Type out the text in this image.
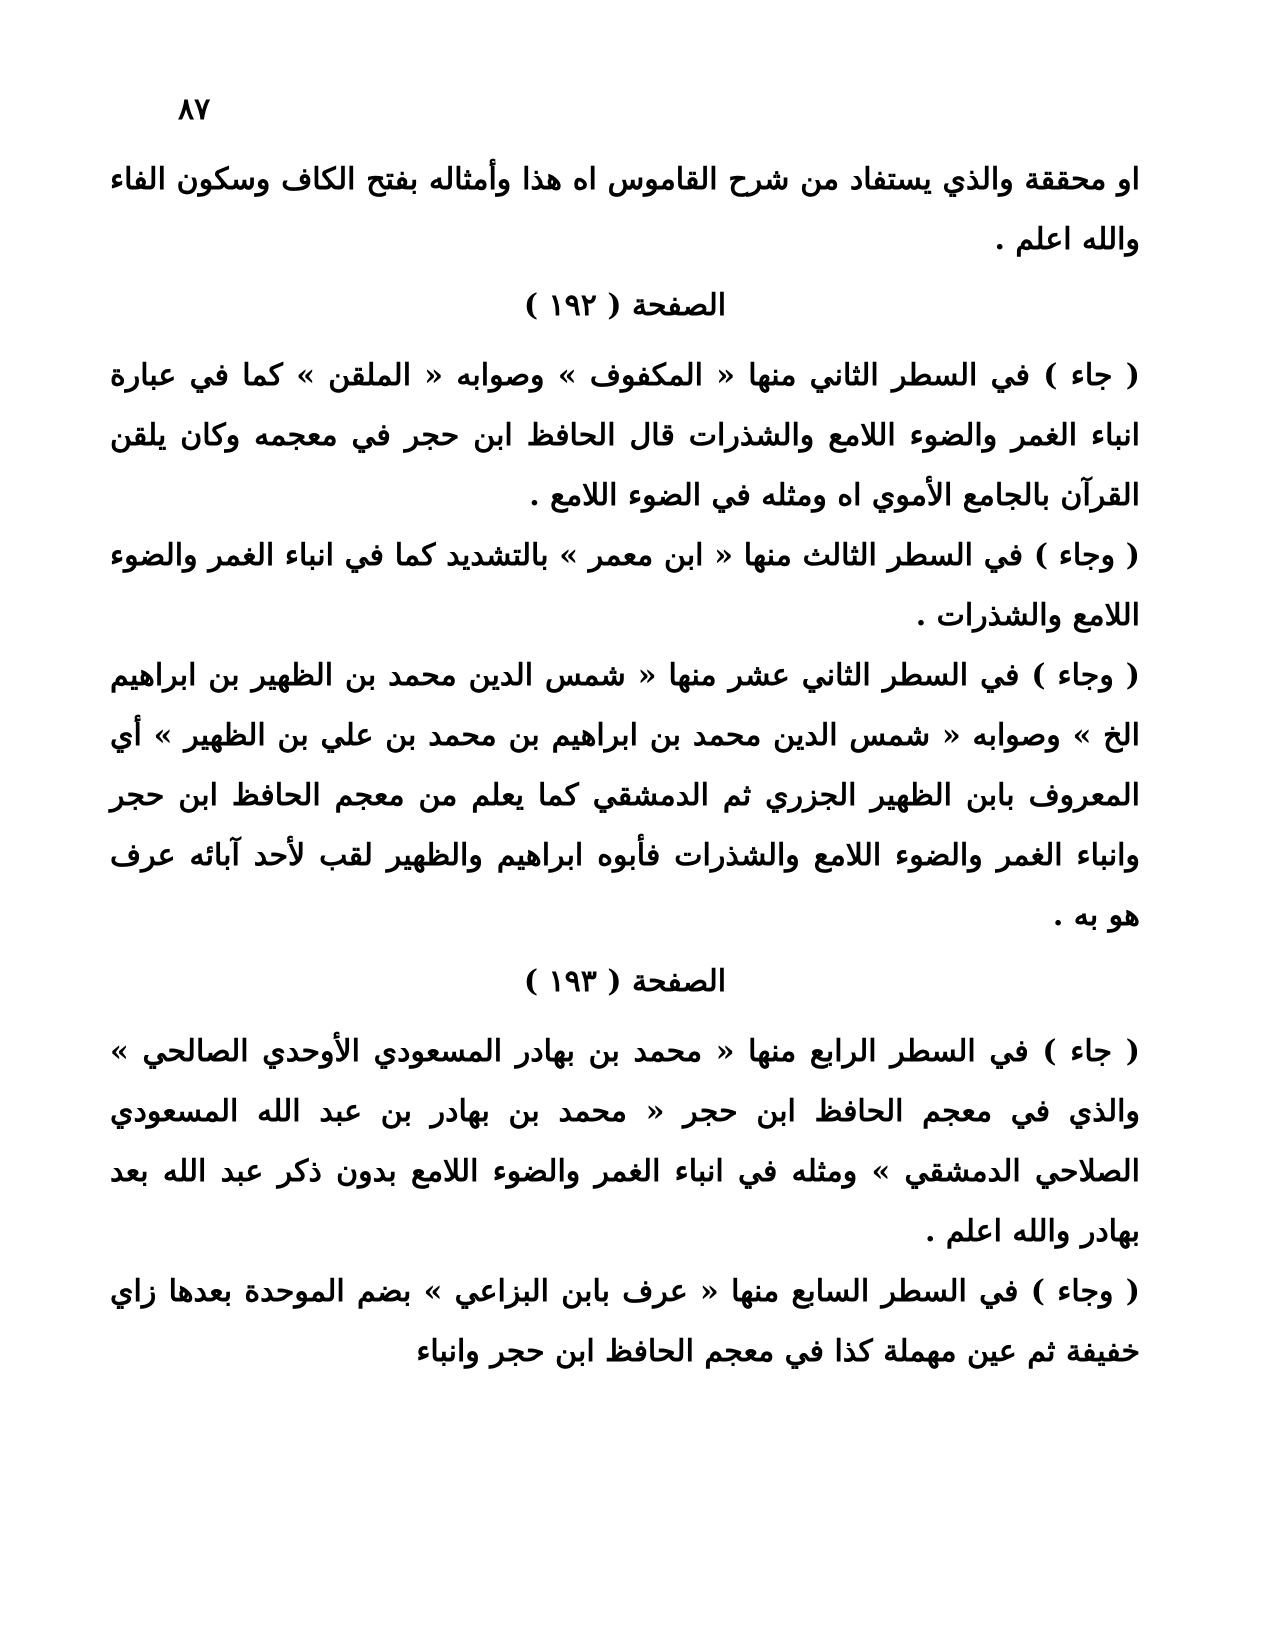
٨٧

او محققة والذي يستفاد من شرح القاموس اه هذا وأمثاله بفتح الكاف وسكون الفاء والله اعلم .

الصفحة ( ١٩٢ )

( جاء ) في السطر الثاني منها « المكفوف » وصوابه « الملقن » كما في عبارة انباء الغمر والضوء اللامع والشذرات قال الحافظ ابن حجر في معجمه وكان يلقن القرآن بالجامع الأموي اه ومثله في الضوء اللامع .

( وجاء ) في السطر الثالث منها « ابن معمر » بالتشديد كما في انباء الغمر والضوء اللامع والشذرات .

( وجاء ) في السطر الثاني عشر منها « شمس الدين محمد بن الظهير بن ابراهيم الخ » وصوابه « شمس الدين محمد بن ابراهيم بن محمد بن علي بن الظهير » أي المعروف بابن الظهير الجزري ثم الدمشقي كما يعلم من معجم الحافظ ابن حجر وانباء الغمر والضوء اللامع والشذرات فأبوه ابراهيم والظهير لقب لأحد آبائه عرف هو به .

الصفحة ( ١٩٣ )

( جاء ) في السطر الرابع منها « محمد بن بهادر المسعودي الأوحدي الصالحي » والذي في معجم الحافظ ابن حجر « محمد بن بهادر بن عبد الله المسعودي الصلاحي الدمشقي » ومثله في انباء الغمر والضوء اللامع بدون ذكر عبد الله بعد بهادر والله اعلم .

( وجاء ) في السطر السابع منها « عرف بابن البزاعي » بضم الموحدة بعدها زاي خفيفة ثم عين مهملة كذا في معجم الحافظ ابن حجر وانباء
